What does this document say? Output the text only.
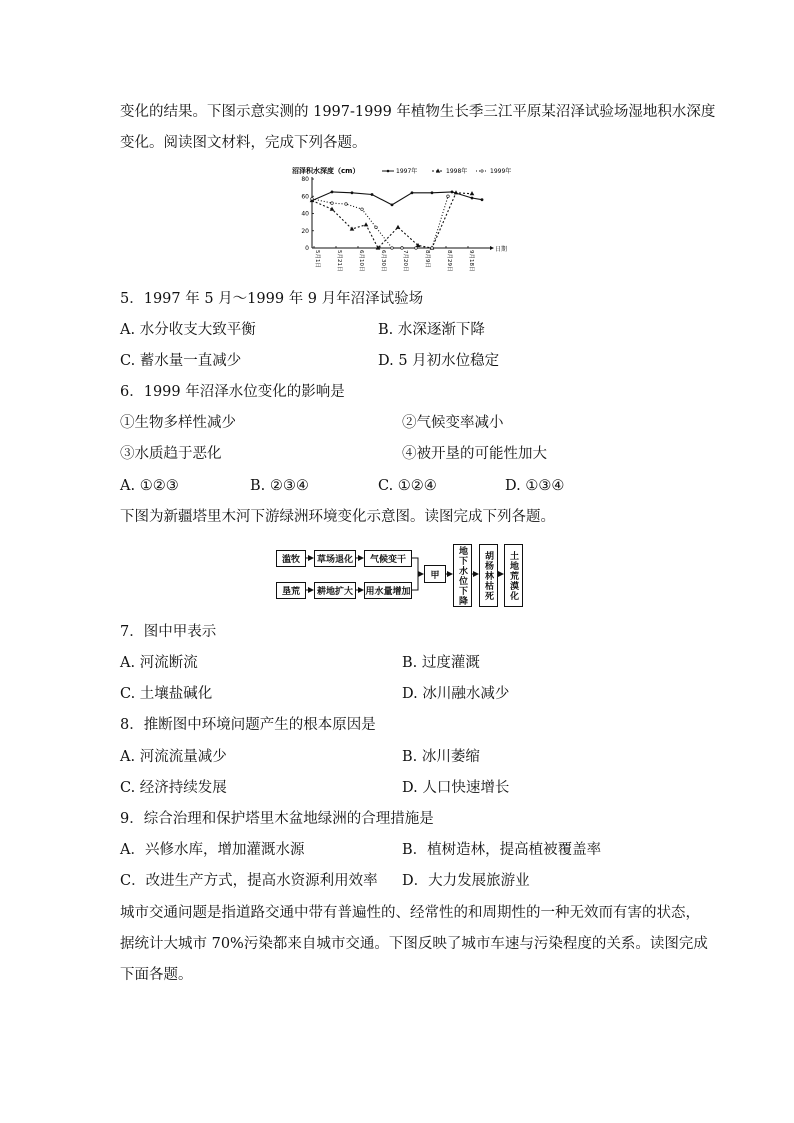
变化的结果。下图示意实测的 1997-1999 年植物生长季三江平原某沼泽试验场湿地积水深度
变化。阅读图文材料，完成下列各题。
沼泽积水深度（cm）	1997年	1998年	1999年
日期
80
60
40
20
0
5月1日	5月21日	6月10日	6月30日	7月20日	8月9日	8月29日	9月18日
5．1997 年 5 月～1999 年 9 月年沼泽试验场
A. 水分收支大致平衡	B. 水深逐渐下降
C. 蓄水量一直减少	D. 5 月初水位稳定
6．1999 年沼泽水位变化的影响是
①生物多样性减少	②气候变率减小
③水质趋于恶化	④被开垦的可能性加大
A. ①②③	B. ②③④	C. ①②④	D. ①③④
下图为新疆塔里木河下游绿洲环境变化示意图。读图完成下列各题。
滥牧	草场退化	气候变干
垦荒	耕地扩大	用水量增加
甲	地下水位下降	胡杨林枯死	土地荒漠化
7．图中甲表示
A. 河流断流	B. 过度灌溉
C. 土壤盐碱化	D. 冰川融水减少
8．推断图中环境问题产生的根本原因是
A. 河流流量减少	B. 冰川萎缩
C. 经济持续发展	D. 人口快速增长
9．综合治理和保护塔里木盆地绿洲的合理措施是
A．兴修水库，增加灌溉水源	B．植树造林，提高植被覆盖率
C．改进生产方式，提高水资源利用效率 D．大力发展旅游业
城市交通问题是指道路交通中带有普遍性的、经常性的和周期性的一种无效而有害的状态，
据统计大城市 70%污染都来自城市交通。下图反映了城市车速与污染程度的关系。读图完成
下面各题。
